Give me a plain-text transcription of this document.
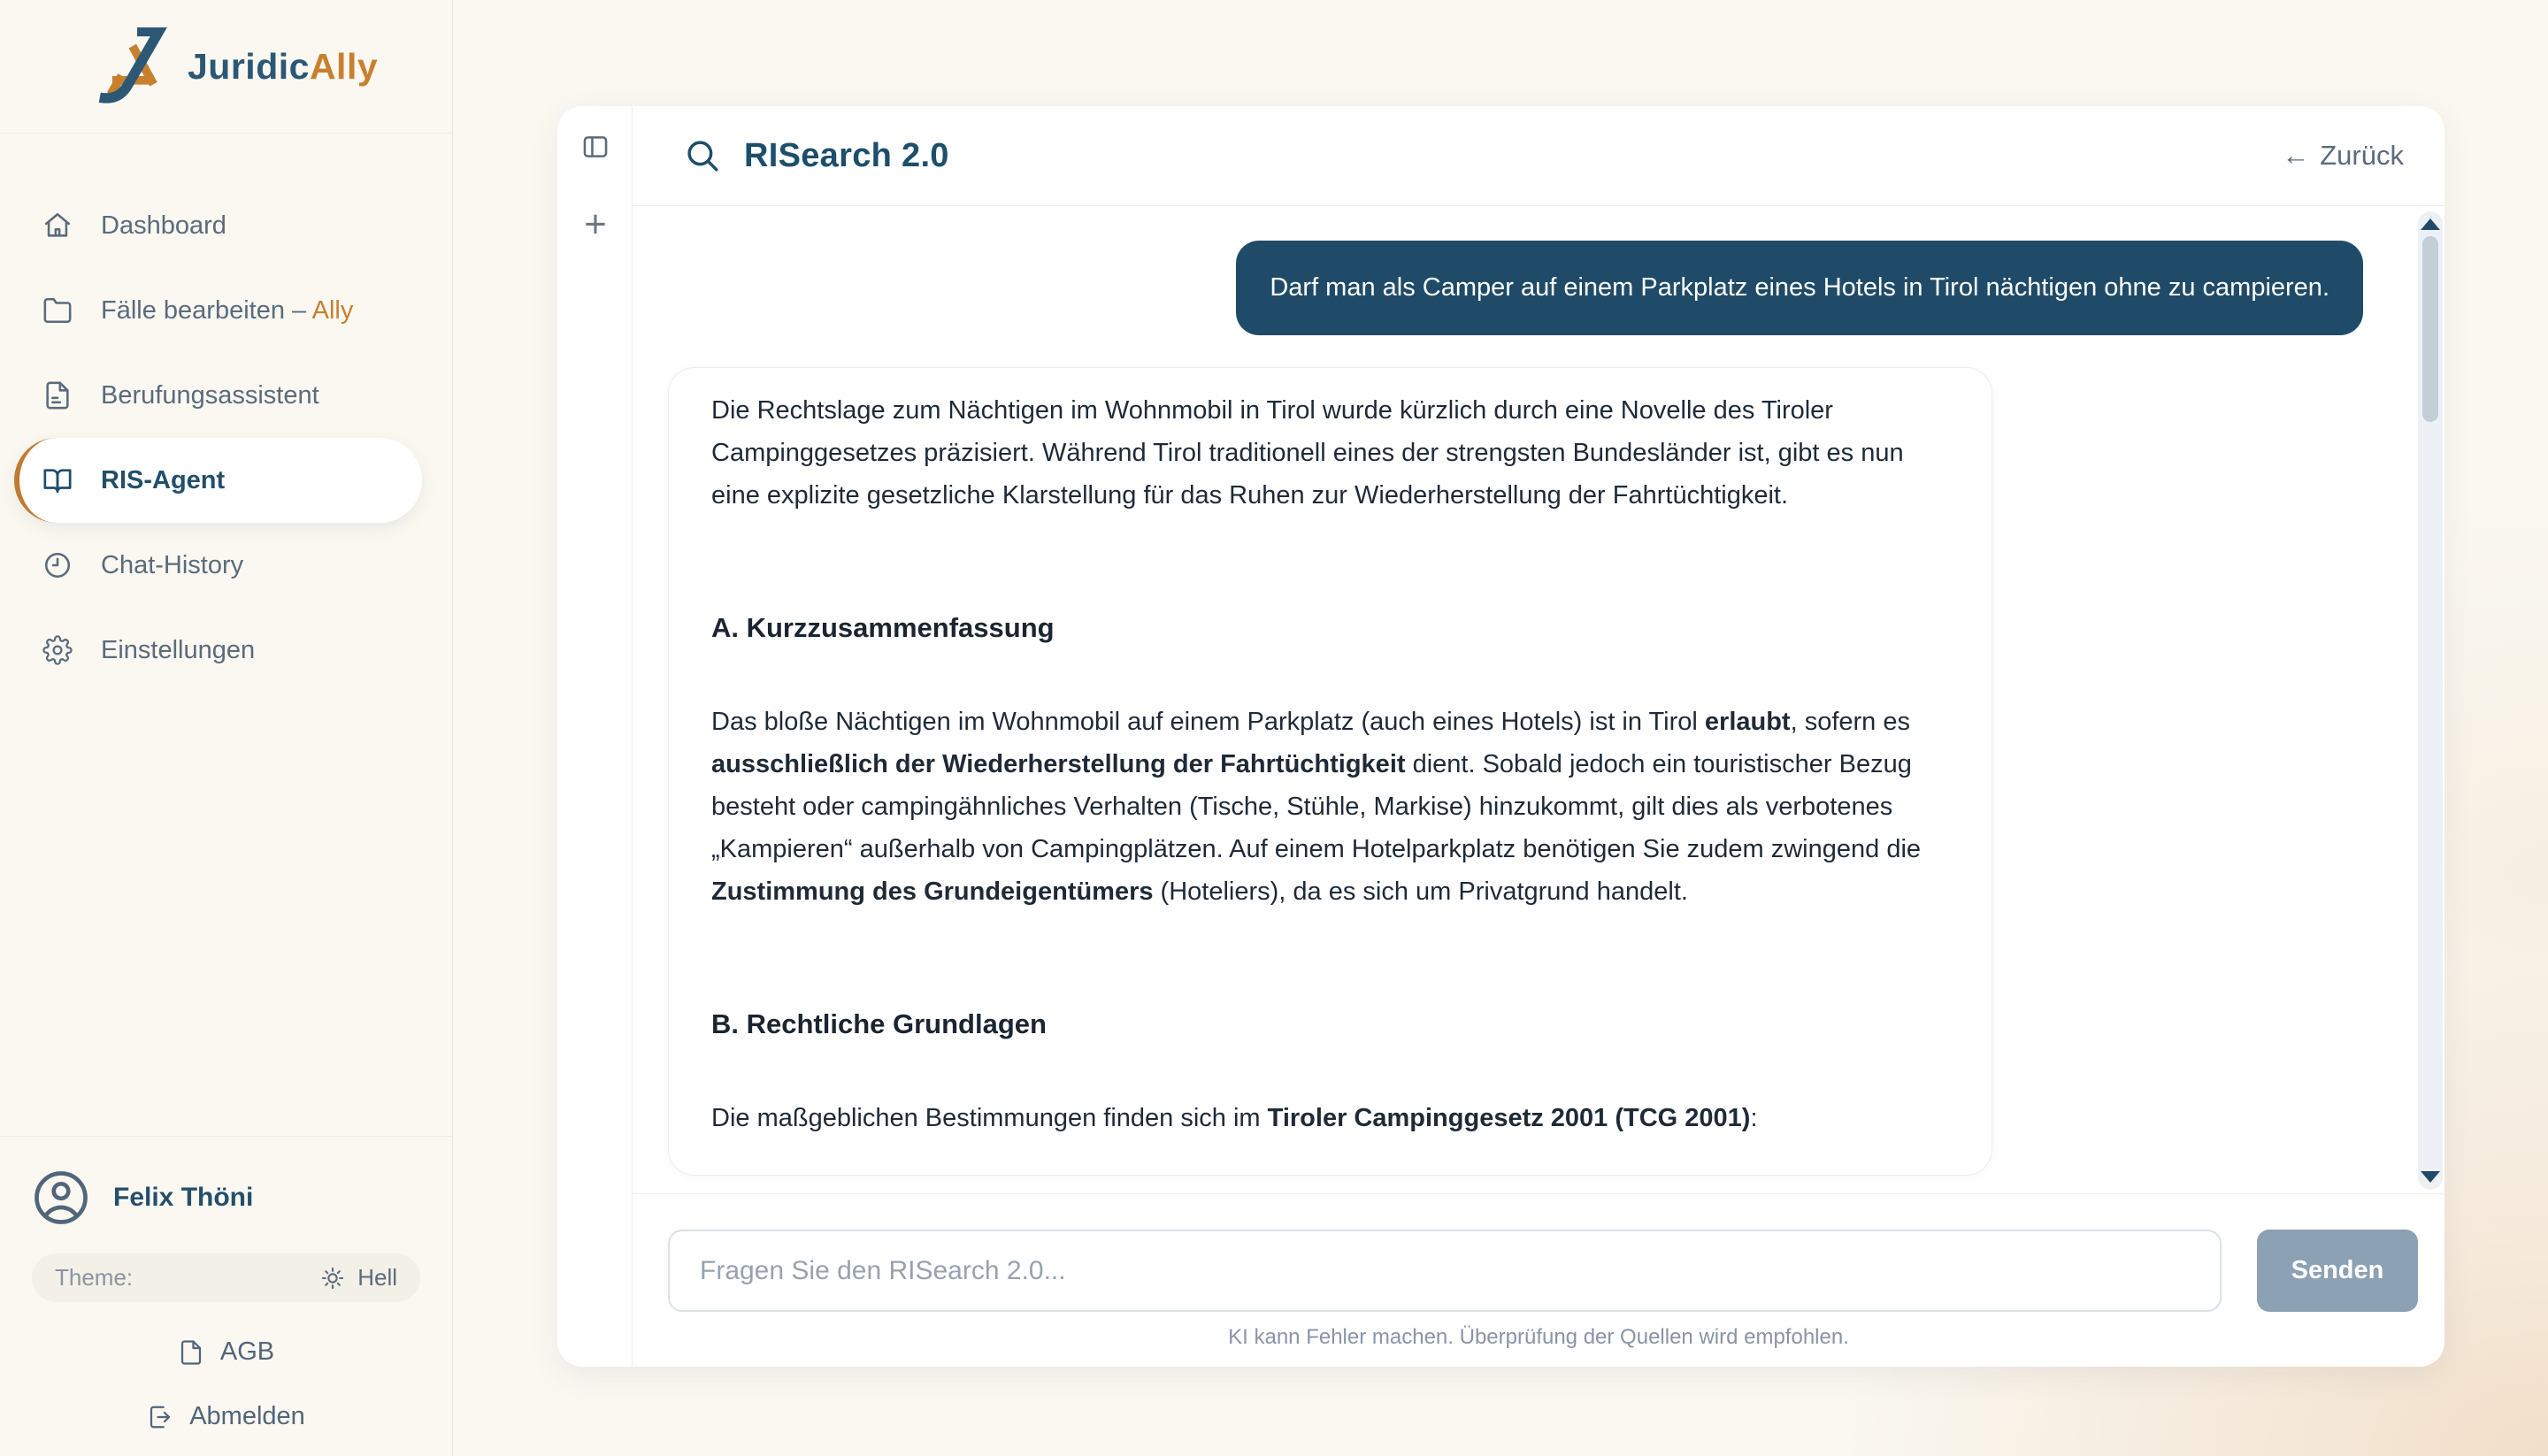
JuridicAlly
Dashboard
Fälle bearbeiten – Ally
Berufungsassistent
RIS-Agent
Chat-History
Einstellungen
Felix Thöni
Theme:	Hell
AGB
Abmelden
+
RISearch 2.0	← Zurück
Darf man als Camper auf einem Parkplatz eines Hotels in Tirol nächtigen ohne zu campieren.

Die Rechtslage zum Nächtigen im Wohnmobil in Tirol wurde kürzlich durch eine Novelle des Tiroler Campinggesetzes präzisiert. Während Tirol traditionell eines der strengsten Bundesländer ist, gibt es nun eine explizite gesetzliche Klarstellung für das Ruhen zur Wiederherstellung der Fahrtüchtigkeit.

A. Kurzzusammenfassung

Das bloße Nächtigen im Wohnmobil auf einem Parkplatz (auch eines Hotels) ist in Tirol erlaubt, sofern es ausschließlich der Wiederherstellung der Fahrtüchtigkeit dient. Sobald jedoch ein touristischer Bezug besteht oder campingähnliches Verhalten (Tische, Stühle, Markise) hinzukommt, gilt dies als verbotenes „Kampieren“ außerhalb von Campingplätzen. Auf einem Hotelparkplatz benötigen Sie zudem zwingend die Zustimmung des Grundeigentümers (Hoteliers), da es sich um Privatgrund handelt.

B. Rechtliche Grundlagen

Die maßgeblichen Bestimmungen finden sich im Tiroler Campinggesetz 2001 (TCG 2001):

Fragen Sie den RISearch 2.0...
Senden
KI kann Fehler machen. Überprüfung der Quellen wird empfohlen.
